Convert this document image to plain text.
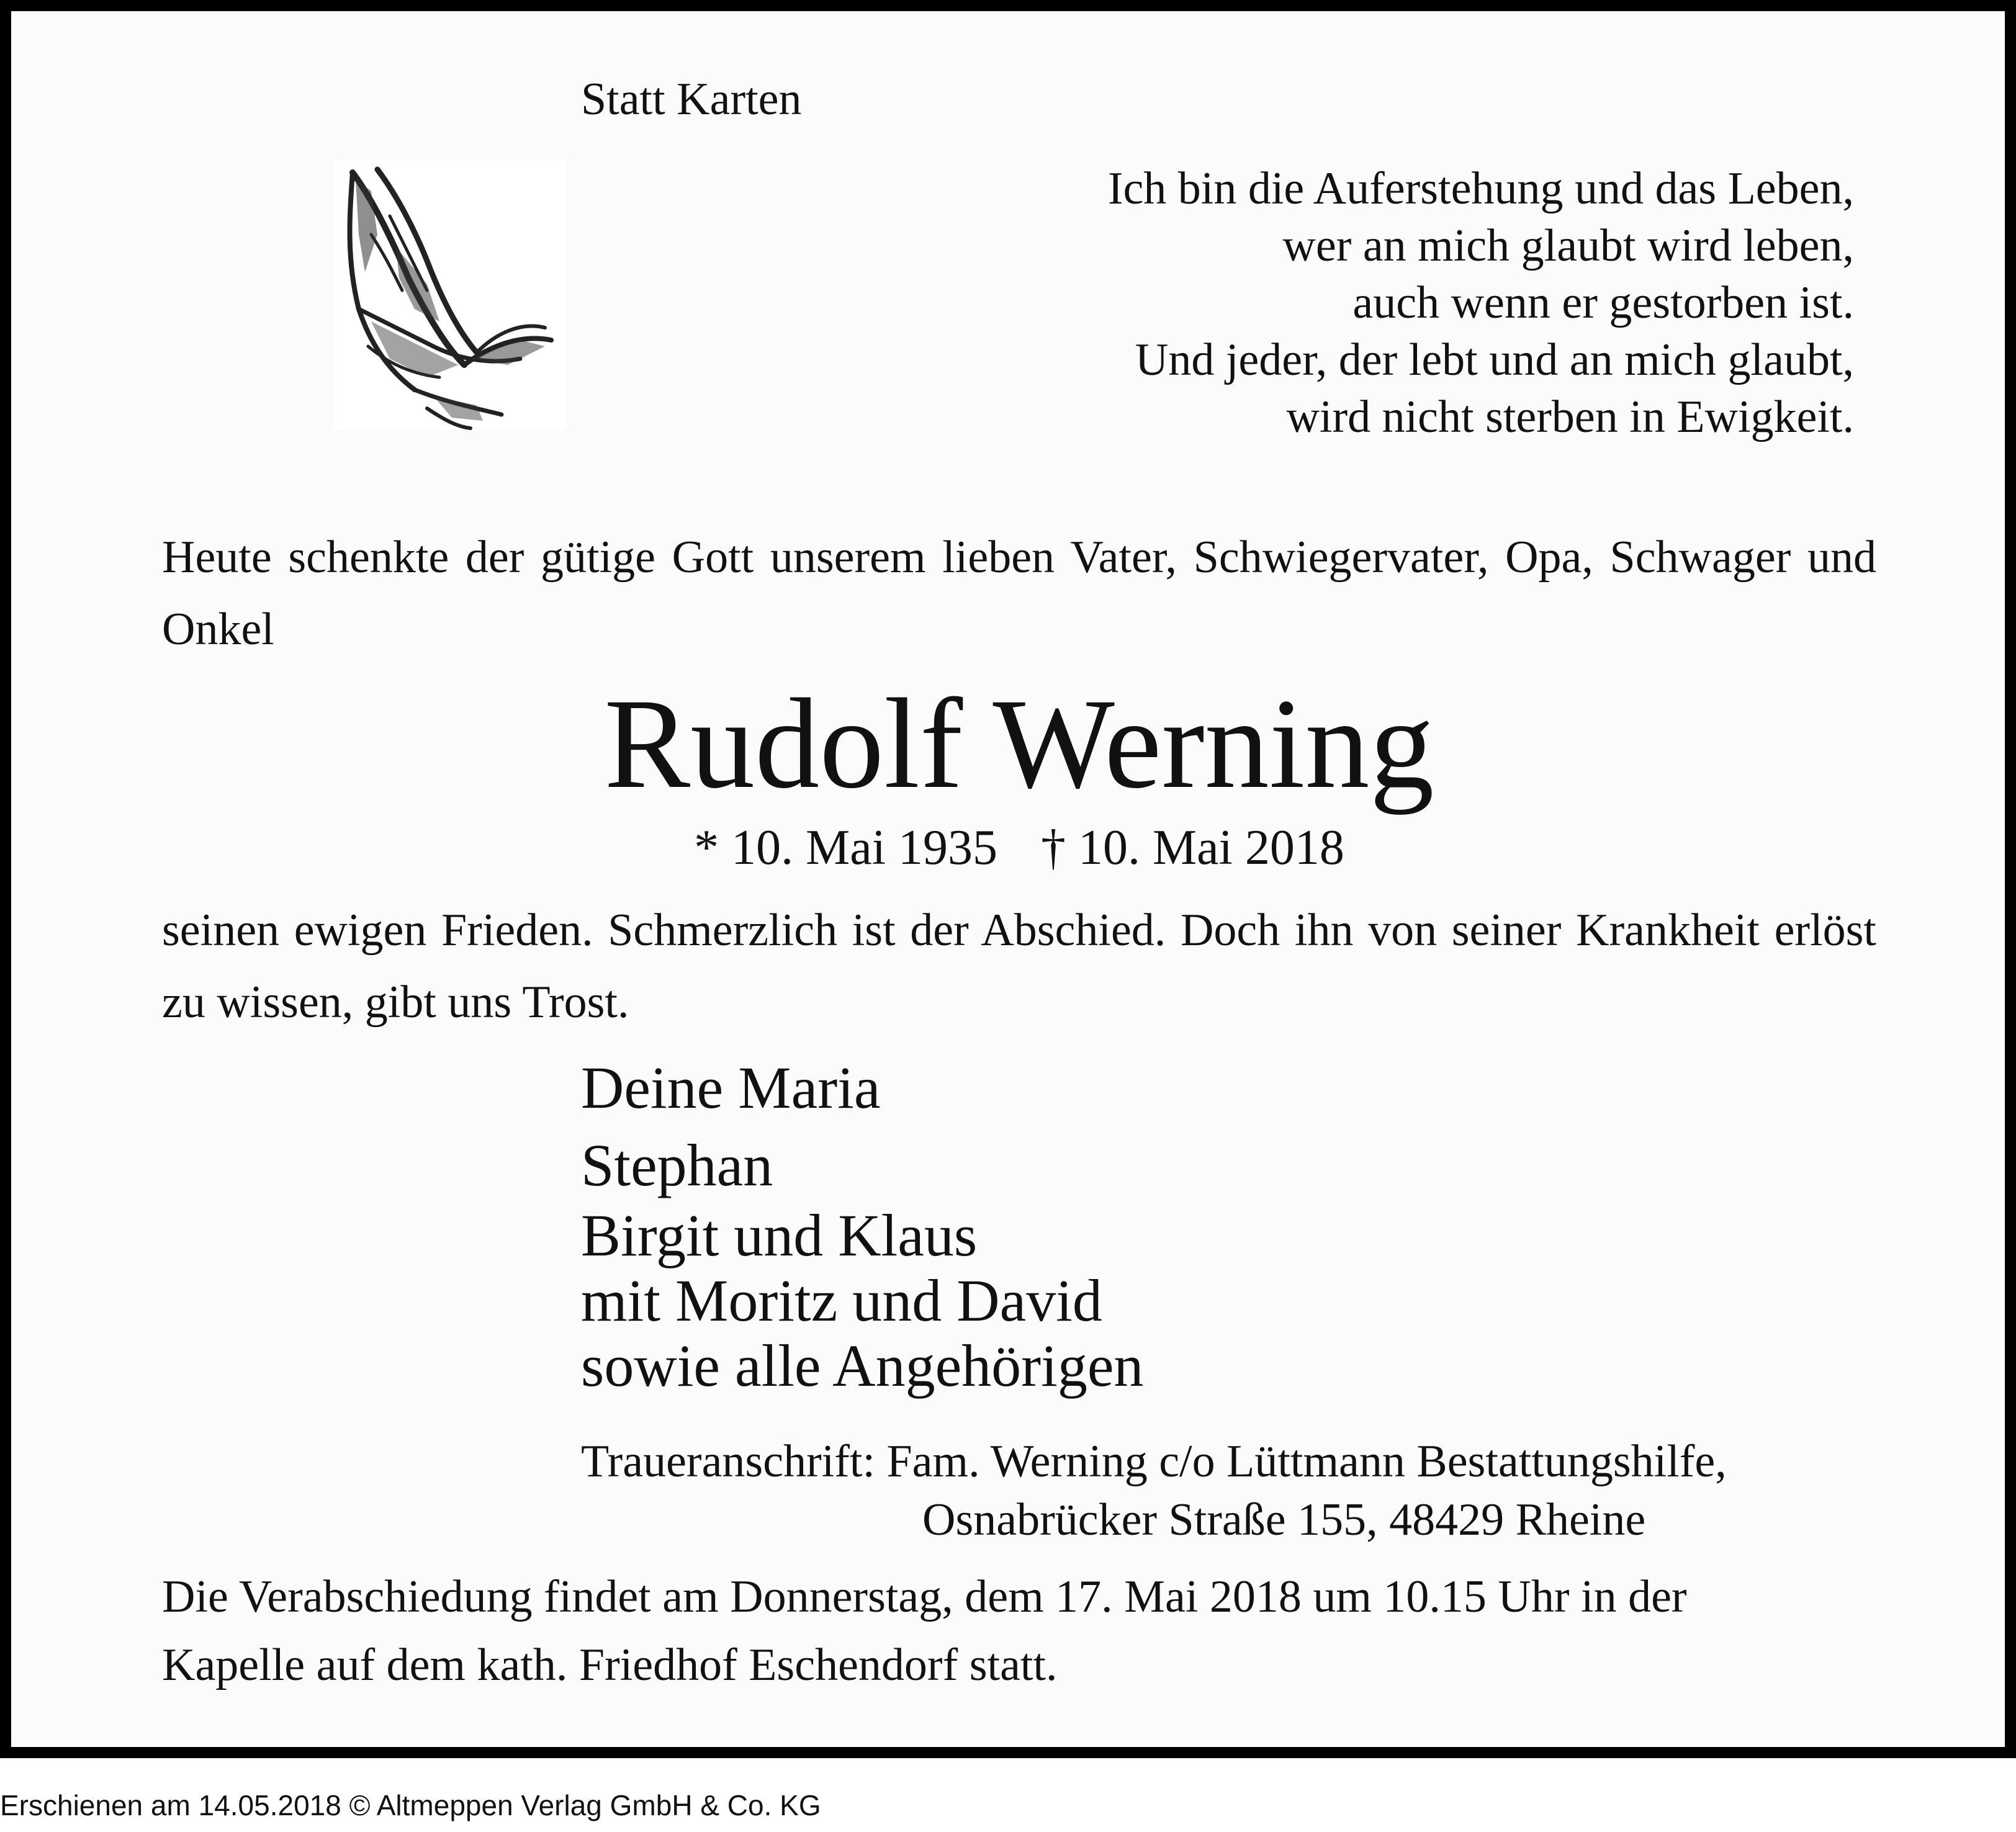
Statt Karten
Ich bin die Auferstehung und das Leben,
wer an mich glaubt wird leben,
auch wenn er gestorben ist.
Und jeder, der lebt und an mich glaubt,
wird nicht sterben in Ewigkeit.
Heute schenkte der gütige Gott unserem lieben Vater, Schwiegervater, Opa, Schwager und Onkel
Rudolf Werning
* 10. Mai 1935 † 10. Mai 2018
seinen ewigen Frieden. Schmerzlich ist der Abschied. Doch ihn von seiner Krankheit erlöst zu wissen, gibt uns Trost.
Deine Maria
Stephan
Birgit und Klaus
mit Moritz und David
sowie alle Angehörigen
Traueranschrift: Fam. Werning c/o Lüttmann Bestattungshilfe,
Osnabrücker Straße 155, 48429 Rheine
Die Verabschiedung findet am Donnerstag, dem 17. Mai 2018 um 10.15 Uhr in der
Kapelle auf dem kath. Friedhof Eschendorf statt.
Erschienen am 14.05.2018 © Altmeppen Verlag GmbH & Co. KG
